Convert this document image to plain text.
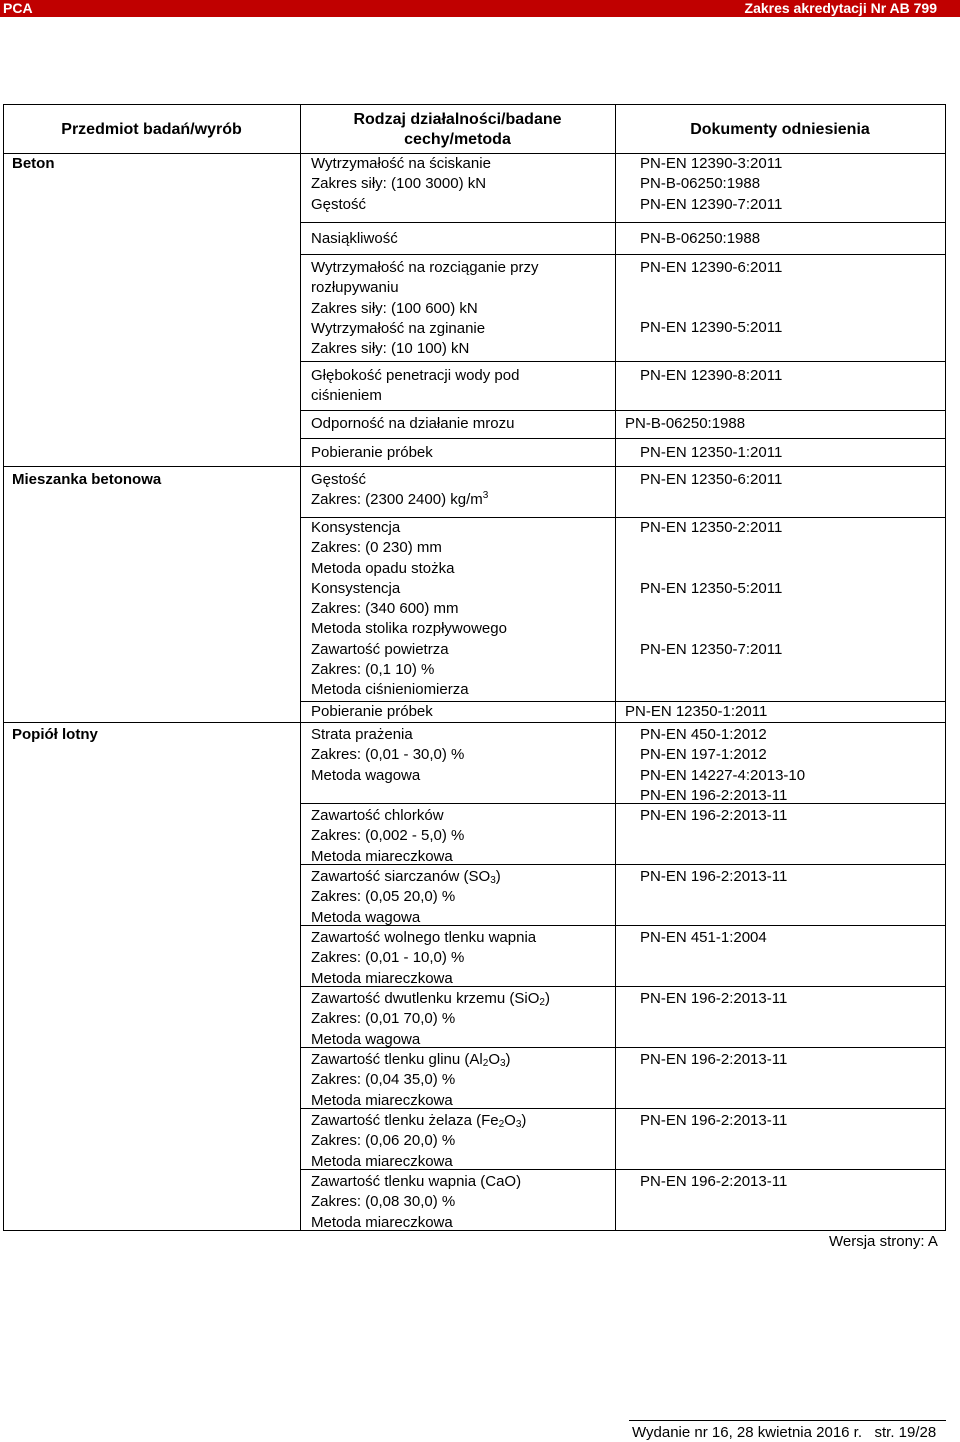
PCA	Zakres akredytacji Nr AB 799
Przedmiot badań/wyrób
Rodzaj działalności/badane
cechy/metoda
Dokumenty odniesienia
Beton
Mieszanka betonowa
Popiół lotny
Wytrzymałość na ściskanie
Zakres siły: (100 3000) kN
Gęstość
Nasiąkliwość
Wytrzymałość na rozciąganie przy
rozłupywaniu
Zakres siły: (100 600) kN
Wytrzymałość na zginanie
Zakres siły: (10 100) kN
Głębokość penetracji wody pod
ciśnieniem
Odporność na działanie mrozu
Pobieranie próbek
Gęstość
Zakres: (2300 2400) $kg/m^3$
Konsystencja
Zakres: (0 230) mm
Metoda opadu stożka
Konsystencja
Zakres: (340 600) mm
Metoda stolika rozpływowego
Zawartość powietrza
Zakres: (0,1 10) %
Metoda ciśnieniomierza
Pobieranie próbek
Strata prażenia
Zakres: (0,01 - 30,0) %
Metoda wagowa
Zawartość chlorków
Zakres: (0,002 - 5,0) %
Metoda miareczkowa
Zawartość siarczanów $(SO_3)$
Zakres: (0,05 20,0) %
Metoda wagowa
Zawartość wolnego tlenku wapnia
Zakres: (0,01 - 10,0) %
Metoda miareczkowa
Zawartość dwutlenku krzemu (SiO$_2$)
Zakres: (0,01 70,0) %
Metoda wagowa
Zawartość tlenku glinu $(Al_2O_3)$
Zakres: (0,04 35,0) %
Metoda miareczkowa
Zawartość tlenku żelaza $(Fe_2O_3)$
Zakres: (0,06 20,0) %
Metoda miareczkowa
Zawartość tlenku wapnia (CaO)
Zakres: (0,08 30,0) %
Metoda miareczkowa
PN-EN 12390-3:2011
PN-B-06250:1988
PN-EN 12390-7:2011
PN-B-06250:1988
PN-EN 12390-6:2011
PN-EN 12390-5:2011
PN-EN 12390-8:2011
PN-B-06250:1988
PN-EN 12350-1:2011
PN-EN 12350-6:2011
PN-EN 12350-2:2011
PN-EN 12350-5:2011
PN-EN 12350-7:2011
PN-EN 12350-1:2011
PN-EN 450-1:2012
PN-EN 197-1:2012
PN-EN 14227-4:2013-10
PN-EN 196-2:2013-11
PN-EN 196-2:2013-11
PN-EN 196-2:2013-11
PN-EN 451-1:2004
PN-EN 196-2:2013-11
PN-EN 196-2:2013-11
PN-EN 196-2:2013-11
PN-EN 196-2:2013-11
Wersja strony: A
Wydanie nr 16, 28 kwietnia 2016 r.   str. 19/28
